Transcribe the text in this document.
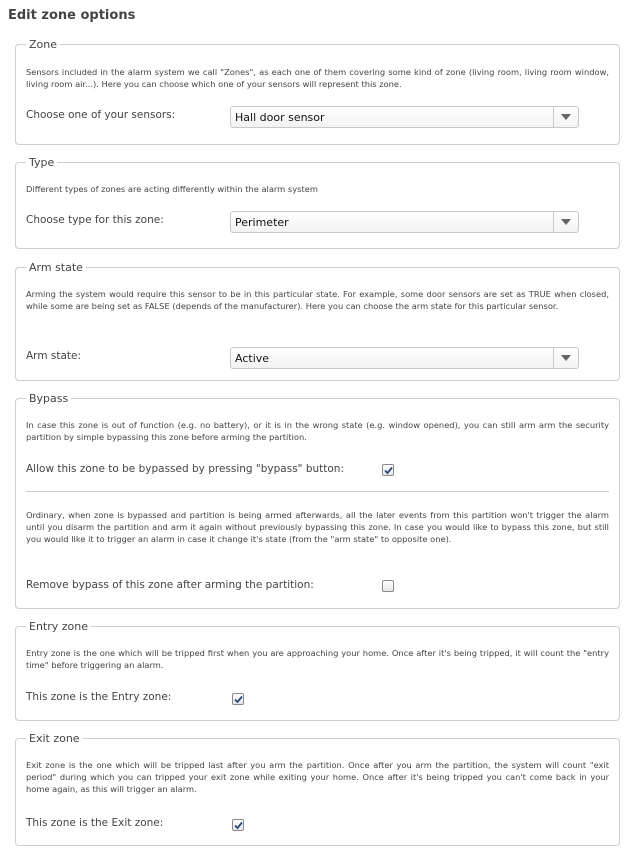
Edit zone options
Zone
Sensors included in the alarm system we call "Zones", as each one of them covering some kind of zone (living room, living room window, living room air...). Here you can choose which one of your sensors will represent this zone.
Choose one of your sensors:	Hall door sensor
Type
Different types of zones are acting differently within the alarm system
Choose type for this zone:	Perimeter
Arm state
Arming the system would require this sensor to be in this particular state. For example, some door sensors are set as TRUE when closed, while some are being set as FALSE (depends of the manufacturer). Here you can choose the arm state for this particular sensor.
Arm state:	Active
Bypass
In case this zone is out of function (e.g. no battery), or it is in the wrong state (e.g. window opened), you can still arm arm the security partition by simple bypassing this zone before arming the partition.
Allow this zone to be bypassed by pressing "bypass" button:
Ordinary, when zone is bypassed and partition is being armed afterwards, all the later events from this partition won't trigger the alarm until you disarm the partition and arm it again without previously bypassing this zone. In case you would like to bypass this zone, but still you would like it to trigger an alarm in case it change it's state (from the "arm state" to opposite one).
Remove bypass of this zone after arming the partition:
Entry zone
Entry zone is the one which will be tripped first when you are approaching your home. Once after it's being tripped, it will count the "entry time" before triggering an alarm.
This zone is the Entry zone:
Exit zone
Exit zone is the one which will be tripped last after you arm the partition. Once after you arm the partition, the system will count "exit period" during which you can tripped your exit zone while exiting your home. Once after it's being tripped you can't come back in your home again, as this will trigger an alarm.
This zone is the Exit zone:
